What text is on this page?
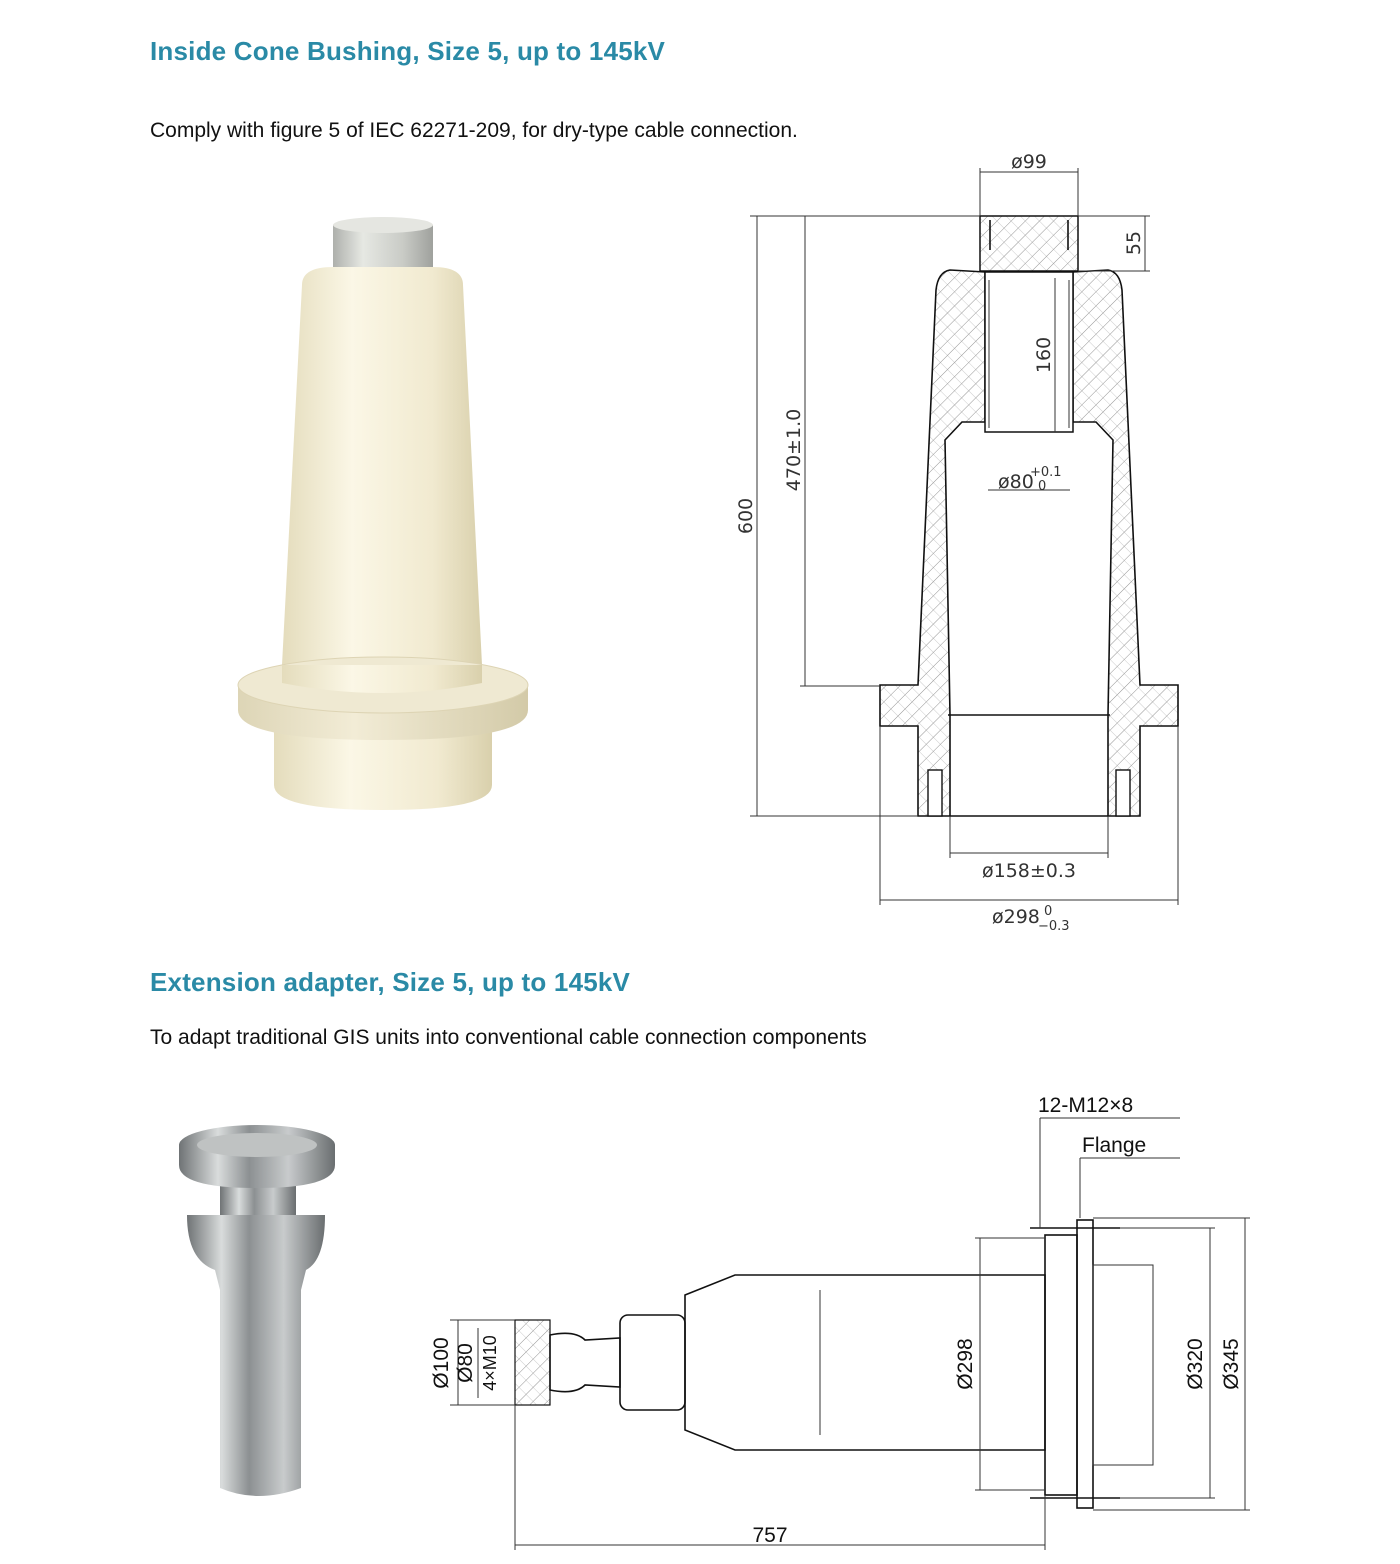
Inside Cone Bushing, Size 5, up to 145kV

Comply with figure 5 of IEC 62271-209, for dry-type cable connection.

ø99
55
160
470±1.0
600
ø80
+0.1
0
ø158±0.3
ø298 0
−0.3
Extension adapter, Size 5, up to 145kV

To adapt traditional GIS units into conventional cable connection components

12-M12×8
Flange
Ø100 Ø80 4×M10	Ø298	Ø320 Ø345
757
